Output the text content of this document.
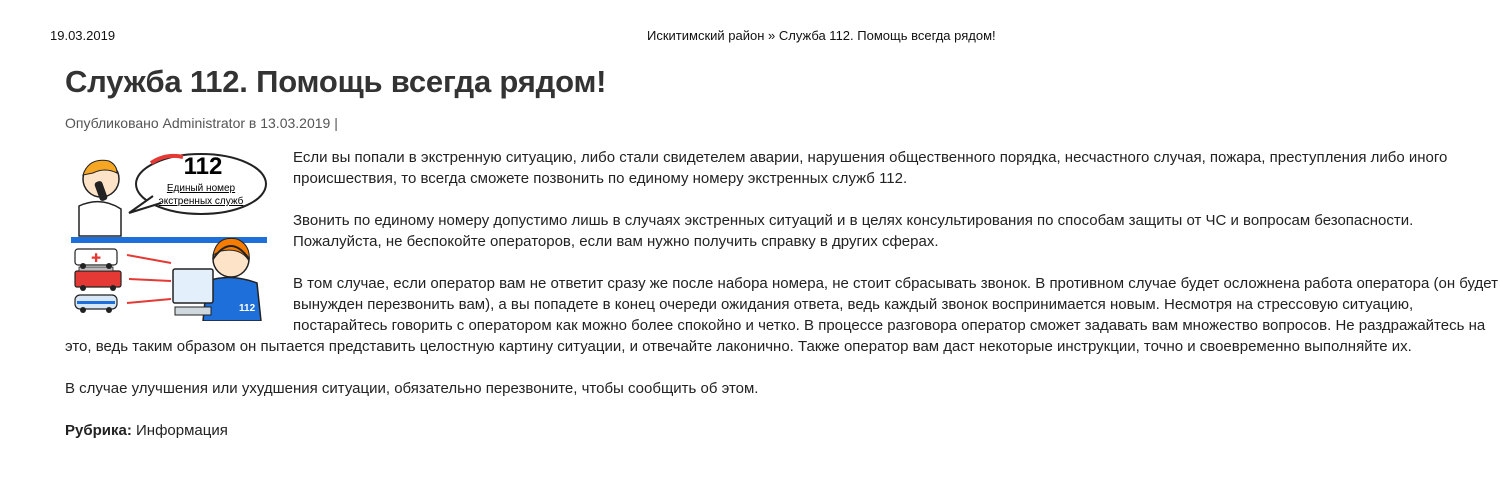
19.03.2019	Искитимский район » Служба 112. Помощь всегда рядом!
Служба 112. Помощь всегда рядом!
Опубликовано Administrator в 13.03.2019 |
112
Единый номер
экстренных служб
✚
112

Если вы попали в экстренную ситуацию, либо стали свидетелем аварии, нарушения общественного порядка, несчастного случая, пожара, преступления либо иного происшествия, то всегда сможете позвонить по единому номеру экстренных служб 112.

Звонить по единому номеру допустимо лишь в случаях экстренных ситуаций и в целях консультирования по способам защиты от ЧС и вопросам безопасности. Пожалуйста, не беспокойте операторов, если вам нужно получить справку в других сферах.

В том случае, если оператор вам не ответит сразу же после набора номера, не стоит сбрасывать звонок. В противном случае будет осложнена работа оператора (он будет вынужден перезвонить вам), а вы попадете в конец очереди ожидания ответа, ведь каждый звонок воспринимается новым. Несмотря на стрессовую ситуацию, постарайтесь говорить с оператором как можно более спокойно и четко. В процессе разговора оператор сможет задавать вам множество вопросов. Не раздражайтесь на это, ведь таким образом он пытается представить целостную картину ситуации, и отвечайте лаконично. Также оператор вам даст некоторые инструкции, точно и своевременно выполняйте их.

В случае улучшения или ухудшения ситуации, обязательно перезвоните, чтобы сообщить об этом.

Рубрика: Информация
